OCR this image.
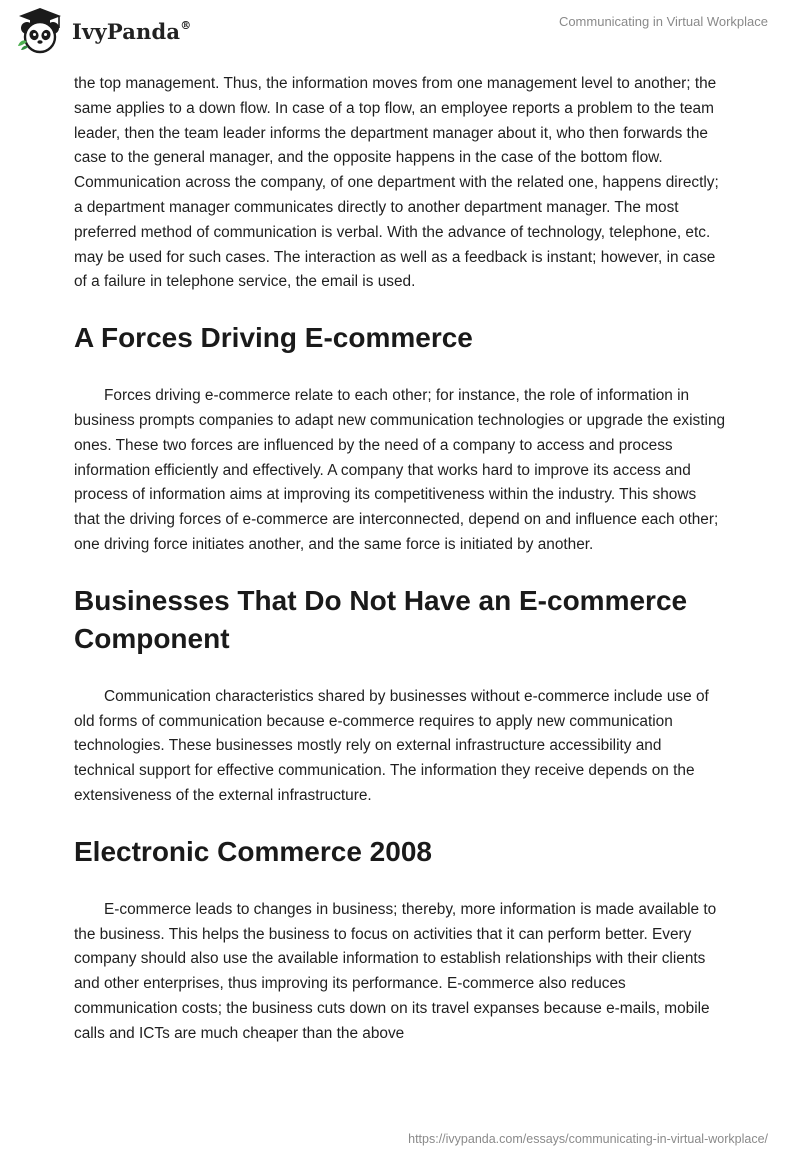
IvyPanda®	Communicating in Virtual Workplace

the top management. Thus, the information moves from one management level to another; the same applies to a down flow. In case of a top flow, an employee reports a problem to the team leader, then the team leader informs the department manager about it, who then forwards the case to the general manager, and the opposite happens in the case of the bottom flow. Communication across the company, of one department with the related one, happens directly; a department manager communicates directly to another department manager. The most preferred method of communication is verbal. With the advance of technology, telephone, etc. may be used for such cases. The interaction as well as a feedback is instant; however, in case of a failure in telephone service, the email is used.

A Forces Driving E-commerce

Forces driving e-commerce relate to each other; for instance, the role of information in business prompts companies to adapt new communication technologies or upgrade the existing ones. These two forces are influenced by the need of a company to access and process information efficiently and effectively. A company that works hard to improve its access and process of information aims at improving its competitiveness within the industry. This shows that the driving forces of e-commerce are interconnected, depend on and influence each other; one driving force initiates another, and the same force is initiated by another.

Businesses That Do Not Have an E-commerce Component

Communication characteristics shared by businesses without e-commerce include use of old forms of communication because e-commerce requires to apply new communication technologies. These businesses mostly rely on external infrastructure accessibility and technical support for effective communication. The information they receive depends on the extensiveness of the external infrastructure.

Electronic Commerce 2008

E-commerce leads to changes in business; thereby, more information is made available to the business. This helps the business to focus on activities that it can perform better. Every company should also use the available information to establish relationships with their clients and other enterprises, thus improving its performance. E-commerce also reduces communication costs; the business cuts down on its travel expanses because e-mails, mobile calls and ICTs are much cheaper than the above

https://ivypanda.com/essays/communicating-in-virtual-workplace/
